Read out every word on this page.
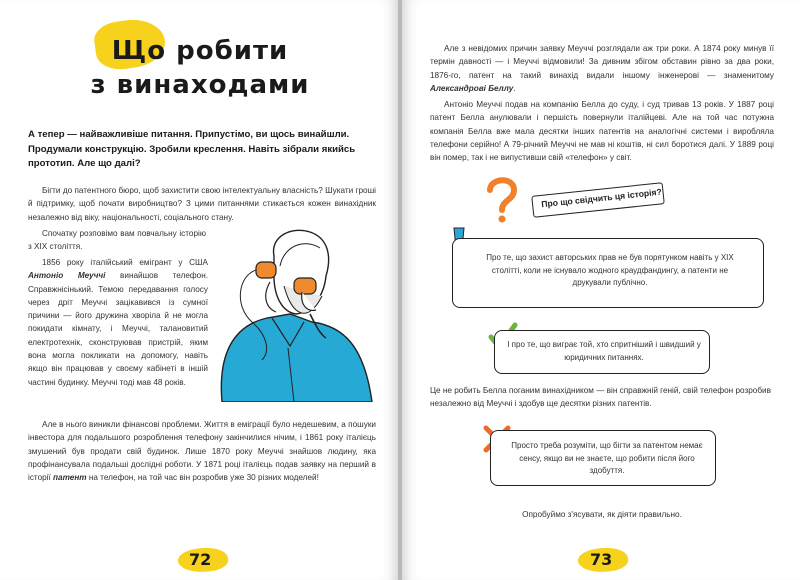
Що робити
з винаходами
А тепер — найважливіше питання. Припустімо, ви щось винайшли. Продумали конструкцію. Зробили креслення. Навіть зібрали якийсь прототип. Але що далі?
Бігти до патентного бюро, щоб захистити свою інтелектуальну власність? Шукати гроші й підтримку, щоб почати виробництво? З цими питаннями стикається кожен винахідник незалежно від віку, національності, соціального стану.
Спочатку розповімо вам повчальну історію з ХІХ століття.
1856 року італійський емігрант у США Антоніо Меуччі винайшов телефон. Справжнісінький. Темою передавання голосу через дріт Меуччі зацікавився із сумної причини — його дружина хворіла й не могла покидати кімнату, і Меуччі, талановитий електротехнік, сконструював пристрій, яким вона могла покликати на допомогу, навіть якщо він працював у своєму кабінеті в іншій частині будинку. Меуччі тоді мав 48 років.
Але в нього виникли фінансові проблеми. Життя в еміграції було недешевим, а пошуки інвестора для подальшого розроблення телефону закінчилися нічим, і 1861 року італієць змушений був продати свій будинок. Лише 1870 року Меуччі знайшов людину, яка профінансувала подальші дослідні роботи. У 1871 році італієць подав заявку на перший в історії патент на телефон, на той час він розробив уже 30 різних моделей!
72
Але з невідомих причин заявку Меуччі розглядали аж три роки. А 1874 року минув її термін давності — і Меуччі відмовили! За дивним збігом обставин рівно за два роки, 1876-го, патент на такий винахід видали іншому інженерові — знаменитому Александрові Беллу.
Антоніо Меуччі подав на компанію Белла до суду, і суд тривав 13 років. У 1887 році патент Белла анулювали і першість повернули італійцеві. Але на той час потужна компанія Белла вже мала десятки інших патентів на аналогічні системи і виробляла телефони серійно! А 79-річний Меуччі не мав ні коштів, ні сил боротися далі. У 1889 році він помер, так і не випустивши свій «телефон» у світ.
Про що свідчить ця історія?
Про те, що захист авторських прав не був порятунком навіть у ХІХ столітті, коли не існувало жодного краудфандингу, а патенти не друкували публічно.
І про те, що виграє той, хто спритніший і швидший у юридичних питаннях.
Це не робить Белла поганим винахідником — він справжній геній, свій телефон розробив незалежно від Меуччі і здобув ще десятки різних патентів.
Просто треба розуміти, що бігти за патентом немає сенсу, якщо ви не знаєте, що робити після його здобуття.
Опробуймо з'ясувати, як діяти правильно.
73
